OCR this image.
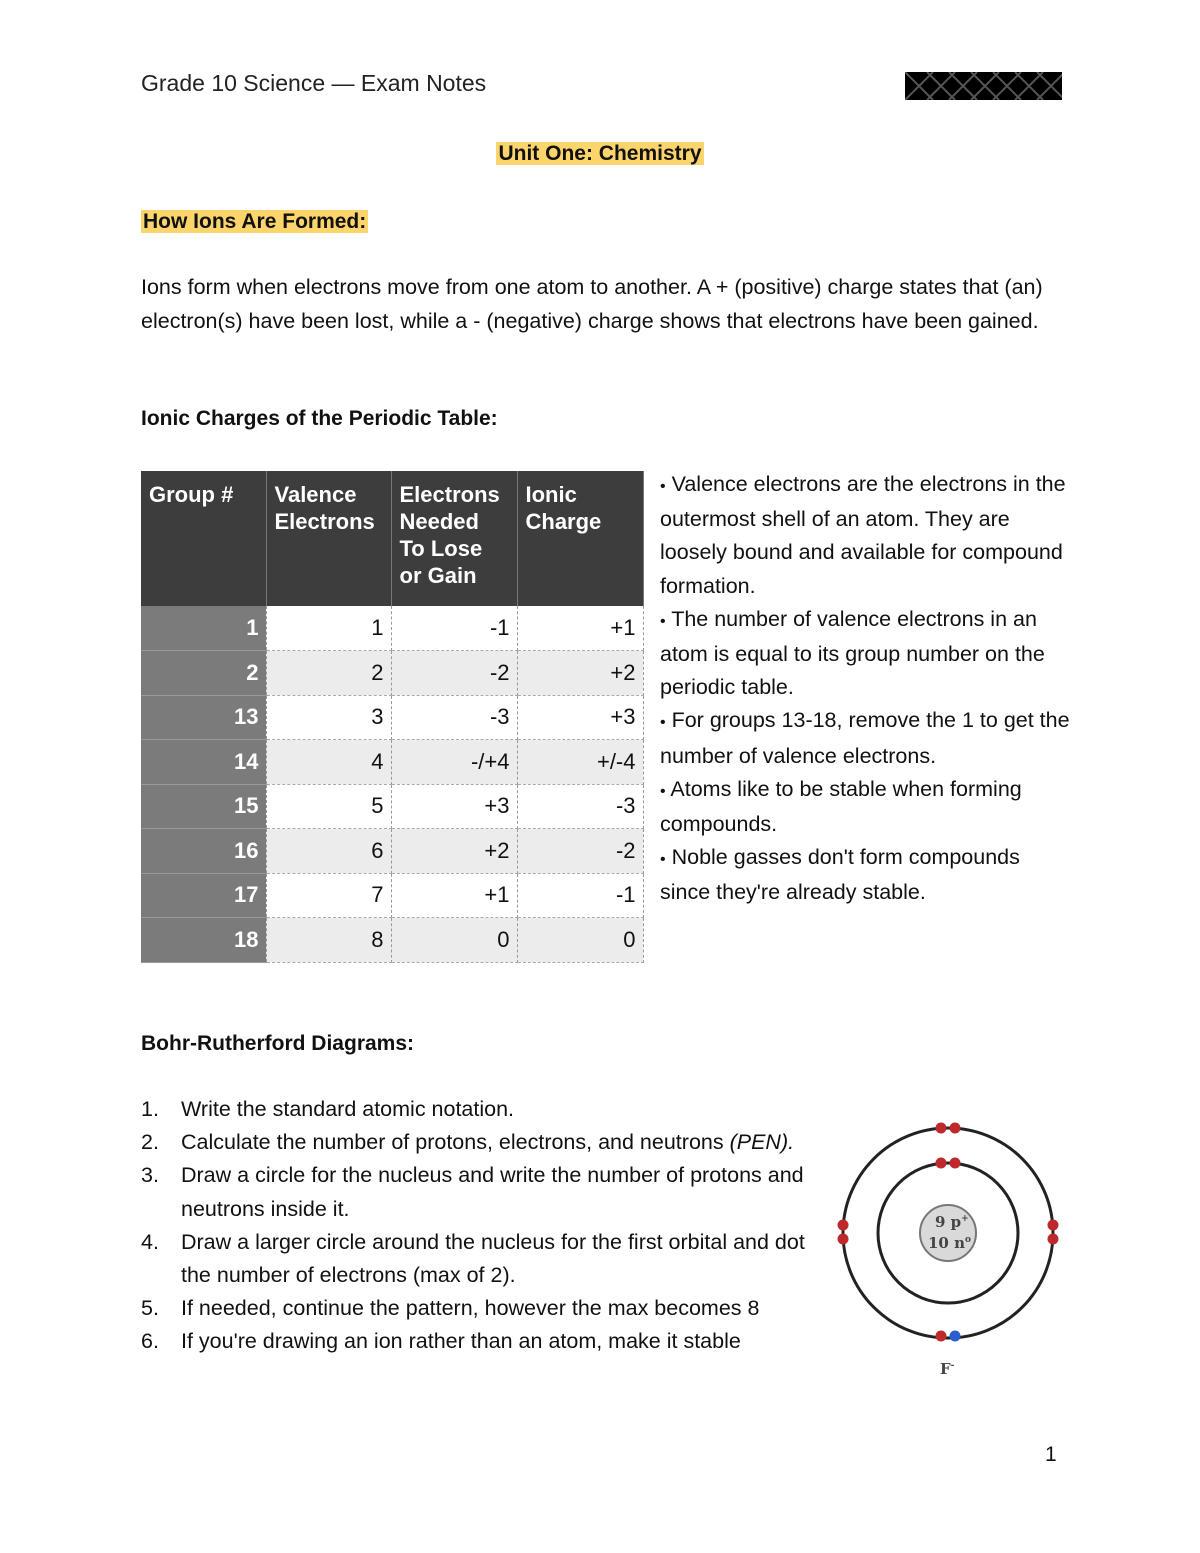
Grade 10 Science — Exam Notes
Unit One: Chemistry
How Ions Are Formed:
Ions form when electrons move from one atom to another. A + (positive) charge states that (an) electron(s) have been lost, while a - (negative) charge shows that electrons have been gained.
Ionic Charges of the Periodic Table:
Group #	Valence Electrons	Electrons Needed To Lose or Gain	Ionic Charge
1	1	-1	+1
2	2	-2	+2
13	3	-3	+3
14	4	-/+4	+/-4
15	5	+3	-3
16	6	+2	-2
17	7	+1	-1
18	8	0	0
• Valence electrons are the electrons in the outermost shell of an atom. They are loosely bound and available for compound formation.
• The number of valence electrons in an atom is equal to its group number on the periodic table.
• For groups 13-18, remove the 1 to get the number of valence electrons.
• Atoms like to be stable when forming compounds.
• Noble gasses don't form compounds since they're already stable.
Bohr-Rutherford Diagrams:
1. Write the standard atomic notation.
2. Calculate the number of protons, electrons, and neutrons (PEN).
3. Draw a circle for the nucleus and write the number of protons and neutrons inside it.
4. Draw a larger circle around the nucleus for the first orbital and dot the number of electrons (max of 2).
5. If needed, continue the pattern, however the max becomes 8
6. If you're drawing an ion rather than an atom, make it stable
9 p+
10 $n^o$
F-
1
